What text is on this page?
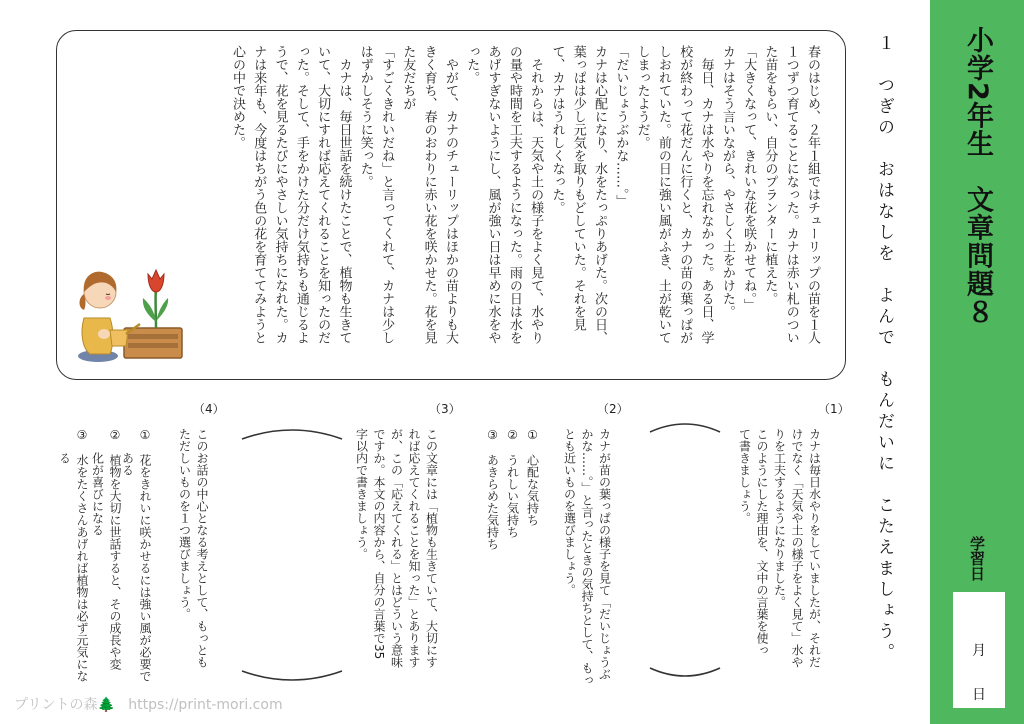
小学2年生　文章問題８
学習日
月
日
１　つぎの　おはなしを　よんで　もんだいに　こたえましょう。
春のはじめ、２年１組ではチューリップの苗を１人
１つずつ育てることになった。カナは赤い札のつい
た苗をもらい、自分のプランターに植えた。
「大きくなって、きれいな花を咲かせてね。」
カナはそう言いながら、やさしく土をかけた。
　毎日、カナは水やりを忘れなかった。ある日、学
校が終わって花だんに行くと、カナの苗の葉っぱが
しおれていた。前の日に強い風がふき、土が乾いて
しまったようだ。
「だいじょうぶかな……。」
カナは心配になり、水をたっぷりあげた。次の日、
葉っぱは少し元気を取りもどしていた。それを見
て、カナはうれしくなった。
　それからは、天気や土の様子をよく見て、水やり
の量や時間を工夫するようになった。雨の日は水を
あげすぎないようにし、風が強い日は早めに水をや
った。
　やがて、カナのチューリップはほかの苗よりも大
きく育ち、春のおわりに赤い花を咲かせた。花を見
た友だちが
「すごくきれいだね」と言ってくれて、カナは少し
はずかしそうに笑った。
　カナは、毎日世話を続けたことで、植物も生きて
いて、大切にすれば応えてくれることを知ったのだ
った。そして、手をかけた分だけ気持ちも通じるよ
うで、花を見るたびにやさしい気持ちになれた。カ
ナは来年も、今度はちがう色の花を育ててみようと
心の中で決めた。
（1）
カナは毎日水やりをしていましたが、それだ
けでなく「天気や土の様子をよく見て」水や
りを工夫するようになりました。
このようにした理由を、文中の言葉を使っ
て書きましょう。
（2）
カナが苗の葉っぱの様子を見て「だいじょうぶ
かな……。」と言ったときの気持ちとして、もっ
とも近いものを選びましょう。
①　心配な気持ち
②　うれしい気持ち
③　あきらめた気持ち
（3）
この文章には「植物も生きていて、大切にす
れば応えてくれることを知った」とあります
が、この「応えてくれる」とはどういう意味
ですか。本文の内容から、自分の言葉で35
字以内で書きましょう。
（4）
このお話の中心となる考えとして、もっとも
ただしいものを１つ選びましょう。
①　花をきれいに咲かせるには強い風が必要で
　　ある
②　植物を大切に世話すると、その成長や変
　　化が喜びになる
③　水をたくさんあげれば植物は必ず元気にな
　　る
プリントの森🌲 https://print-mori.com
